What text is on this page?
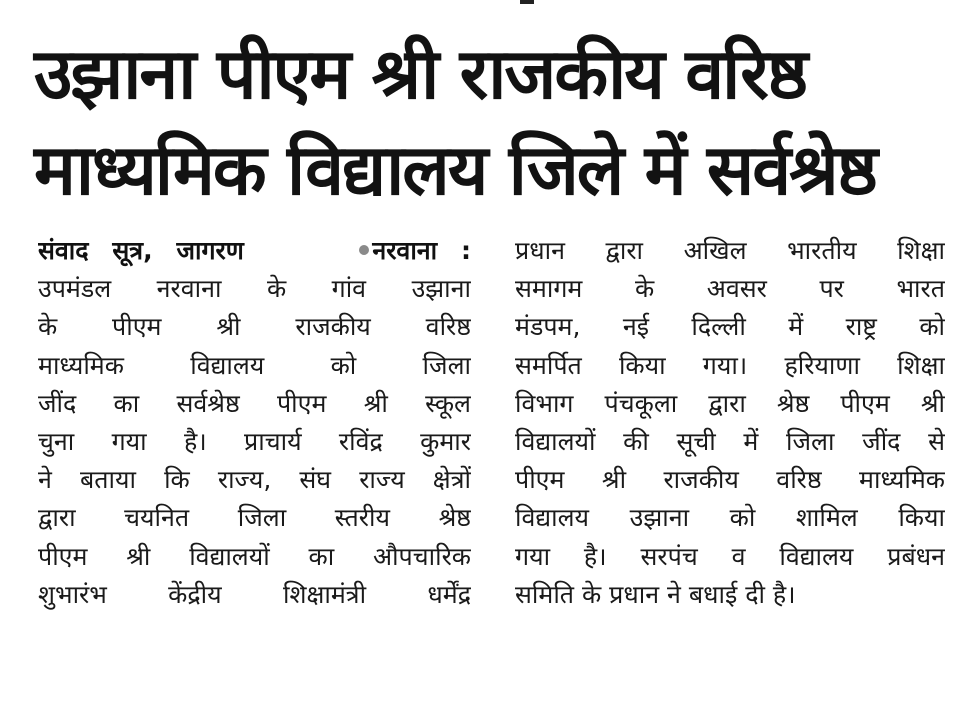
उझाना पीएम श्री राजकीय वरिष्ठ
माध्यमिक विद्यालय जिले में सर्वश्रेष्ठ
संवाद सूत्र, जागरण	नरवाना :
उपमंडल नरवाना के गांव उझाना
के पीएम श्री राजकीय वरिष्ठ
माध्यमिक विद्यालय को जिला
जींद का सर्वश्रेष्ठ पीएम श्री स्कूल
चुना गया है। प्राचार्य रविंद्र कुमार
ने बताया कि राज्य, संघ राज्य क्षेत्रों
द्वारा चयनित जिला स्तरीय श्रेष्ठ
पीएम श्री विद्यालयों का औपचारिक
शुभारंभ केंद्रीय शिक्षामंत्री धर्मेंद्र
प्रधान द्वारा अखिल भारतीय शिक्षा
समागम के अवसर पर भारत
मंडपम, नई दिल्ली में राष्ट्र को
समर्पित किया गया। हरियाणा शिक्षा
विभाग पंचकूला द्वारा श्रेष्ठ पीएम श्री
विद्यालयों की सूची में जिला जींद से
पीएम श्री राजकीय वरिष्ठ माध्यमिक
विद्यालय उझाना को शामिल किया
गया है। सरपंच व विद्यालय प्रबंधन
समिति के प्रधान ने बधाई दी है।
